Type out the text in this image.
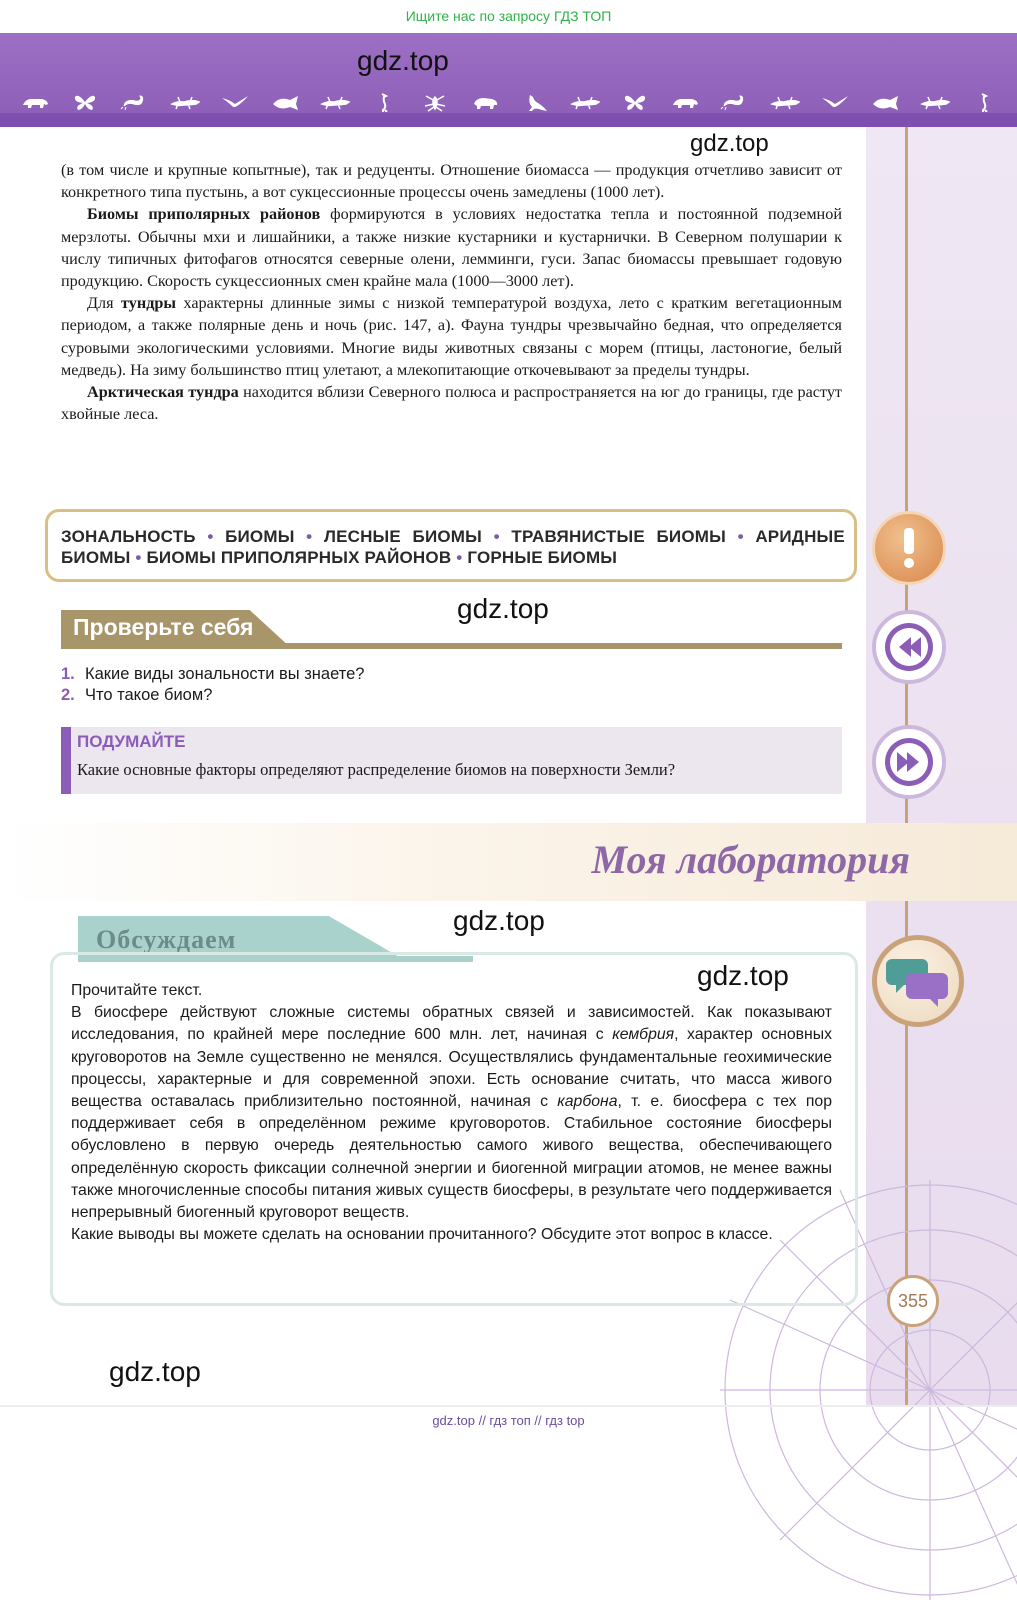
Ищите нас по запросу ГДЗ ТОП
gdz.top
gdz.top

(в том числе и крупные копытные), так и редуценты. Отношение биомасса — продукция отчетливо зависит от конкретного типа пустынь, а вот сукцессионные процессы очень замедлены (1000 лет).

Биомы приполярных районов формируются в условиях недостатка тепла и постоянной подземной мерзлоты. Обычны мхи и лишайники, а также низкие кустарники и кустарнички. В Северном полушарии к числу типичных фитофагов относятся северные олени, лемминги, гуси. Запас биомассы превышает годовую продукцию. Скорость сукцессионных смен крайне мала (1000—3000 лет).

Для тундры характерны длинные зимы с низкой температурой воздуха, лето с кратким вегетационным периодом, а также полярные день и ночь (рис. 147, а). Фауна тундры чрезвычайно бедная, что определяется суровыми экологическими условиями. Многие виды животных связаны с морем (птицы, ластоногие, белый медведь). На зиму большинство птиц улетают, а млекопитающие откочевывают за пределы тундры.

Арктическая тундра находится вблизи Северного полюса и распространяется на юг до границы, где растут хвойные леса.

ЗОНАЛЬНОСТЬ • БИОМЫ • ЛЕСНЫЕ БИОМЫ • ТРАВЯНИСТЫЕ БИОМЫ • АРИДНЫЕ БИОМЫ • БИОМЫ ПРИПОЛЯРНЫХ РАЙОНОВ • ГОРНЫЕ БИОМЫ
Проверьте себя
gdz.top
1. Какие виды зональности вы знаете?
2. Что такое биом?
ПОДУМАЙТЕ
Какие основные факторы определяют распределение биомов на поверхности Земли?
Моя лаборатория
Обсуждаем
gdz.top
gdz.top

Прочитайте текст.

В биосфере действуют сложные системы обратных связей и зависимостей. Как показывают исследования, по крайней мере последние 600 млн. лет, начиная с кембрия, характер основных круговоротов на Земле существенно не менялся. Осуществлялись фундаментальные геохимические процессы, характерные и для современной эпохи. Есть основание считать, что масса живого вещества оставалась приблизительно постоянной, начиная с карбона, т. е. биосфера с тех пор поддерживает себя в определённом режиме круговоротов. Стабильное состояние биосферы обусловлено в первую очередь деятельностью самого живого вещества, обеспечивающего определённую скорость фиксации солнечной энергии и биогенной миграции атомов, не менее важны также многочисленные способы питания живых существ биосферы, в результате чего поддерживается непрерывный биогенный круговорот веществ.

Какие выводы вы можете сделать на основании прочитанного? Обсудите этот вопрос в классе.

355
gdz.top
gdz.top // гдз топ // гдз top
